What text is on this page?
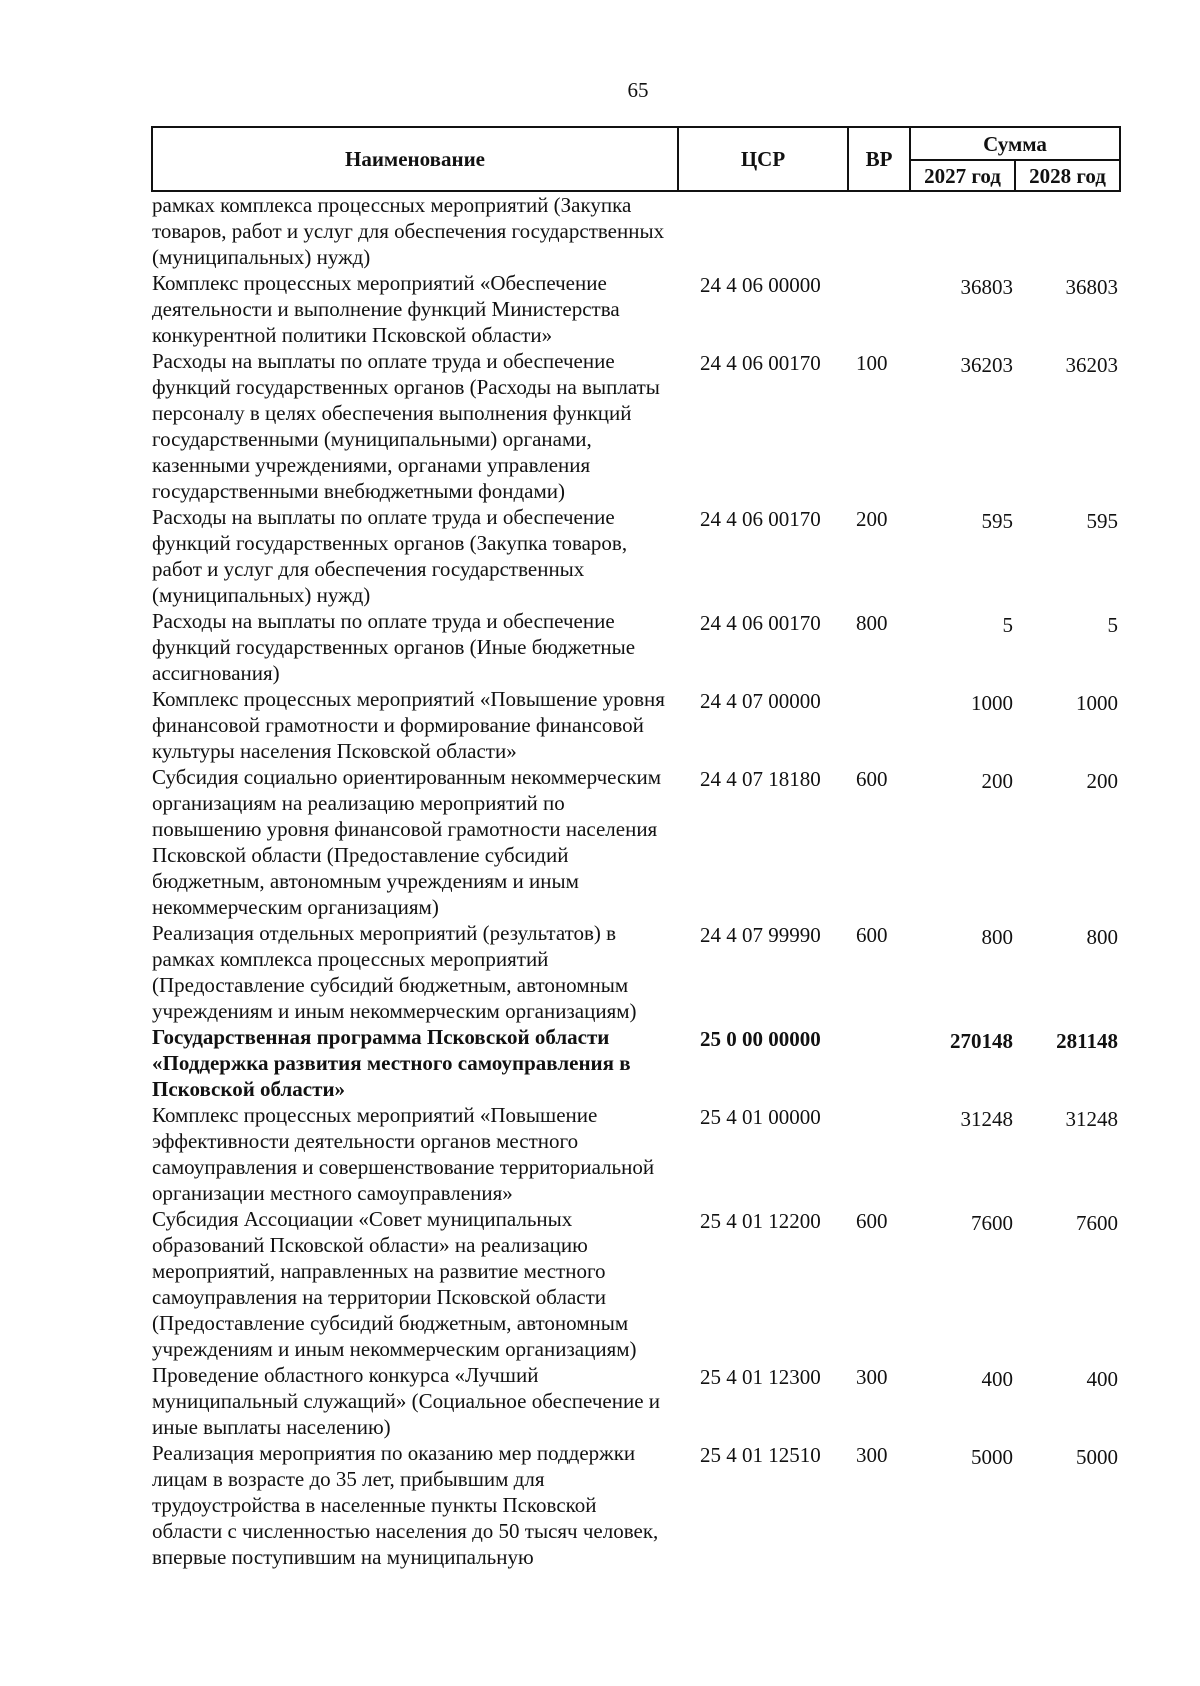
65
Наименование	ЦСР	ВР	Сумма	
			2027 год	2028 год
рамках комплекса процессных мероприятий (Закупка товаров, работ и услуг для обеспечения государственных (муниципальных) нужд)				
Комплекс процессных мероприятий «Обеспечение деятельности и выполнение функций Министерства конкурентной политики Псковской области»	24 4 06 00000		36803	36803
Расходы на выплаты по оплате труда и обеспечение функций государственных органов (Расходы на выплаты персоналу в целях обеспечения выполнения функций государственными (муниципальными) органами, казенными учреждениями, органами управления государственными внебюджетными фондами)	24 4 06 00170	100	36203	36203
Расходы на выплаты по оплате труда и обеспечение функций государственных органов (Закупка товаров, работ и услуг для обеспечения государственных (муниципальных) нужд)	24 4 06 00170	200	595	595
Расходы на выплаты по оплате труда и обеспечение функций государственных органов (Иные бюджетные ассигнования)	24 4 06 00170	800	5	5
Комплекс процессных мероприятий «Повышение уровня финансовой грамотности и формирование финансовой культуры населения Псковской области»	24 4 07 00000		1000	1000
Субсидия социально ориентированным некоммерческим организациям на реализацию мероприятий по повышению уровня финансовой грамотности населения Псковской области (Предоставление субсидий бюджетным, автономным учреждениям и иным некоммерческим организациям)	24 4 07 18180	600	200	200
Реализация отдельных мероприятий (результатов) в рамках комплекса процессных мероприятий (Предоставление субсидий бюджетным, автономным учреждениям и иным некоммерческим организациям)	24 4 07 99990	600	800	800
Государственная программа Псковской области «Поддержка развития местного самоуправления в Псковской области»	25 0 00 00000		270148	281148
Комплекс процессных мероприятий «Повышение эффективности деятельности органов местного самоуправления и совершенствование территориальной организации местного самоуправления»	25 4 01 00000		31248	31248
Субсидия Ассоциации «Совет муниципальных образований Псковской области» на реализацию мероприятий, направленных на развитие местного самоуправления на территории Псковской области (Предоставление субсидий бюджетным, автономным учреждениям и иным некоммерческим организациям)	25 4 01 12200	600	7600	7600
Проведение областного конкурса «Лучший муниципальный служащий» (Социальное обеспечение и иные выплаты населению)	25 4 01 12300	300	400	400
Реализация мероприятия по оказанию мер поддержки лицам в возрасте до 35 лет, прибывшим для трудоустройства в населенные пункты Псковской области с численностью населения до 50 тысяч человек, впервые поступившим на муниципальную	25 4 01 12510	300	5000	5000
